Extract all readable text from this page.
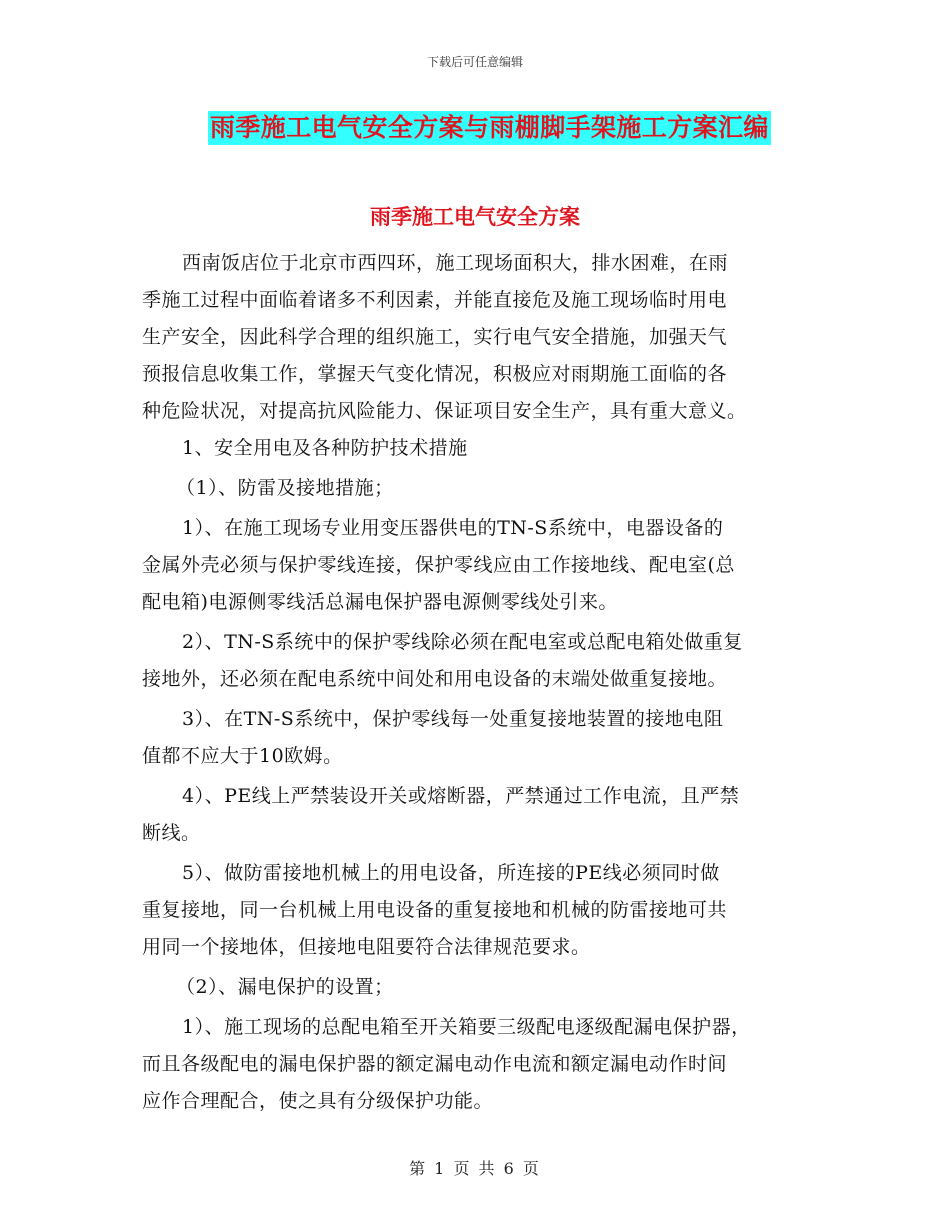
下载后可任意编辑
雨季施工电气安全方案与雨棚脚手架施工方案汇编
雨季施工电气安全方案
西南饭店位于北京市西四环，施工现场面积大，排水困难，在雨
季施工过程中面临着诸多不利因素，并能直接危及施工现场临时用电
生产安全，因此科学合理的组织施工，实行电气安全措施，加强天气
预报信息收集工作，掌握天气变化情况，积极应对雨期施工面临的各
种危险状况，对提高抗风险能力、保证项目安全生产，具有重大意义。
1、安全用电及各种防护技术措施
（1）、防雷及接地措施；
1）、在施工现场专业用变压器供电的TN-S系统中，电器设备的
金属外壳必须与保护零线连接，保护零线应由工作接地线、配电室(总
配电箱)电源侧零线活总漏电保护器电源侧零线处引来。
2）、TN-S系统中的保护零线除必须在配电室或总配电箱处做重复
接地外，还必须在配电系统中间处和用电设备的末端处做重复接地。
3）、在TN-S系统中，保护零线每一处重复接地装置的接地电阻
值都不应大于10欧姆。
4）、PE线上严禁装设开关或熔断器，严禁通过工作电流，且严禁
断线。
5）、做防雷接地机械上的用电设备，所连接的PE线必须同时做
重复接地，同一台机械上用电设备的重复接地和机械的防雷接地可共
用同一个接地体，但接地电阻要符合法律规范要求。
（2）、漏电保护的设置；
1）、施工现场的总配电箱至开关箱要三级配电逐级配漏电保护器，
而且各级配电的漏电保护器的额定漏电动作电流和额定漏电动作时间
应作合理配合，使之具有分级保护功能。
第 1 页 共 6 页
